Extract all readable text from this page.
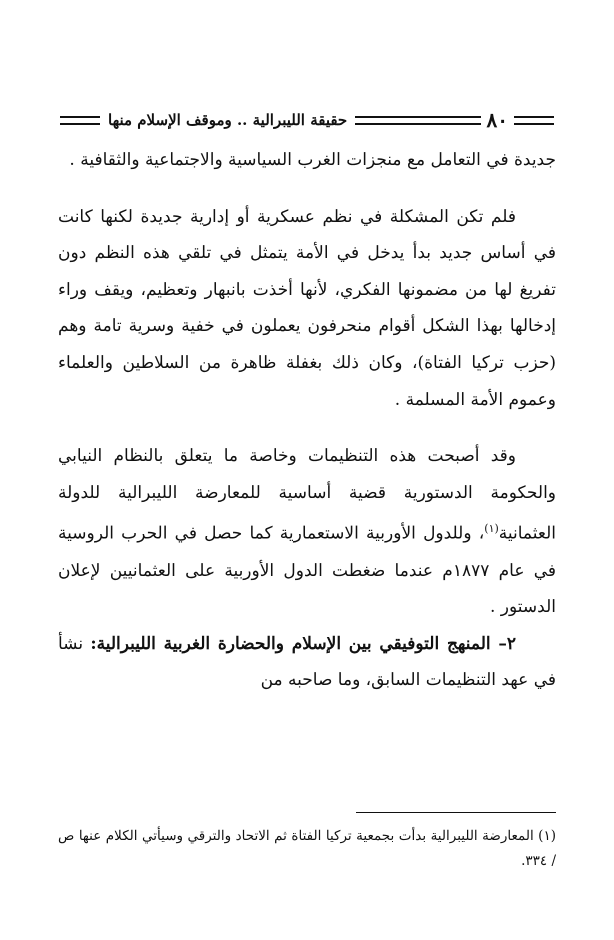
٨٠
حقيقة الليبرالية .. وموقف الإسلام منها

جديدة في التعامل مع منجزات الغرب السياسية والاجتماعية والثقافية .

فلم تكن المشكلة في نظم عسكرية أو إدارية جديدة لكنها كانت في أساس جديد بدأ يدخل في الأمة يتمثل في تلقي هذه النظم دون تفريغ لها من مضمونها الفكري، لأنها أخذت بانبهار وتعظيم، ويقف وراء إدخالها بهذا الشكل أقوام منحرفون يعملون في خفية وسرية تامة وهم (حزب تركيا الفتاة)، وكان ذلك بغفلة ظاهرة من السلاطين والعلماء وعموم الأمة المسلمة .

وقد أصبحت هذه التنظيمات وخاصة ما يتعلق بالنظام النيابي والحكومة الدستورية قضية أساسية للمعارضة الليبرالية للدولة العثمانية$^{(١)}$، وللدول الأوربية الاستعمارية كما حصل في الحرب الروسية في عام ١٨٧٧م عندما ضغطت الدول الأوربية على العثمانيين لإعلان الدستور .

٢– المنهج التوفيقي بين الإسلام والحضارة الغربية الليبرالية: نشأ في عهد التنظيمات السابق، وما صاحبه من

(١) المعارضة الليبرالية بدأت بجمعية تركيا الفتاة ثم الاتحاد والترقي وسيأتي الكلام عنها ص / ٣٣٤.
